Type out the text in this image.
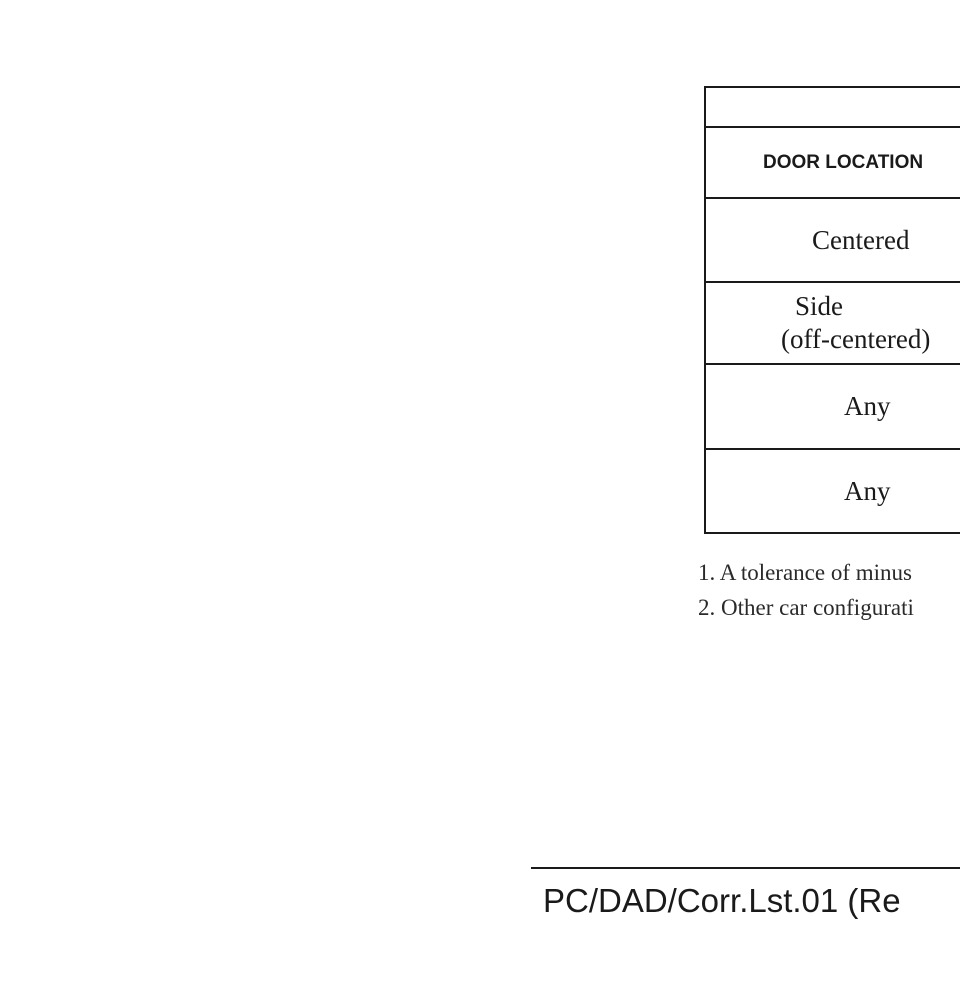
DOOR LOCATION
Centered

Side
(off-centered)

Any
Any
1. A tolerance of minus
2. Other car configurati
PC/DAD/Corr.Lst.01 (Re
